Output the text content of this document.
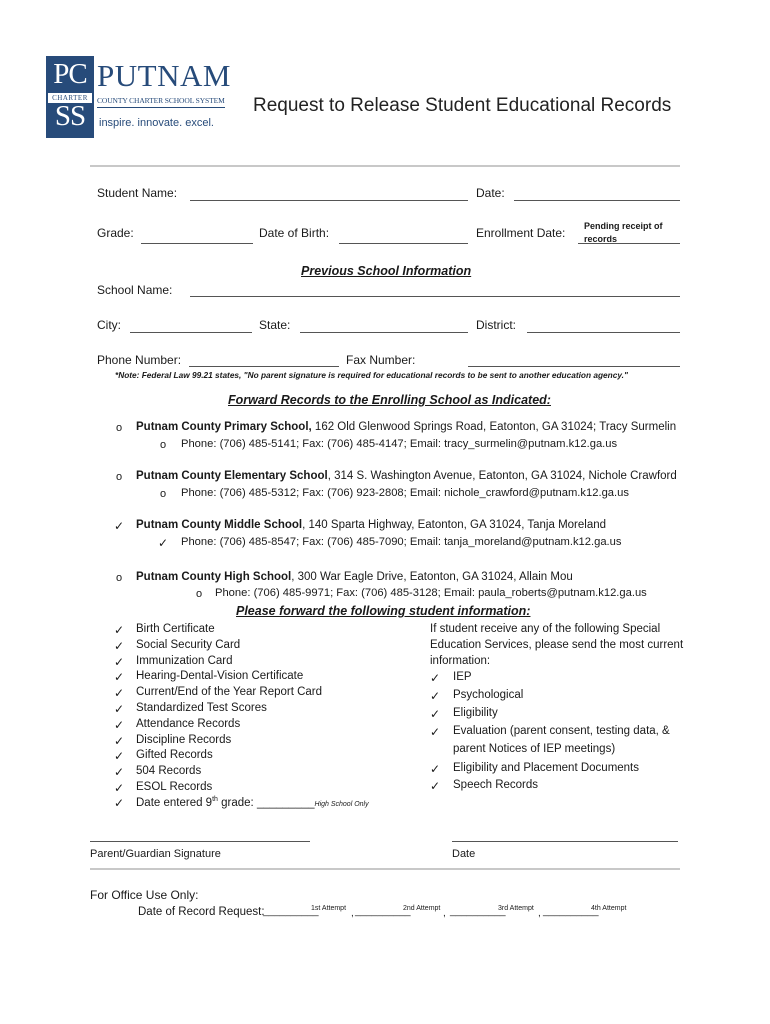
PC
CHARTER
SS
PUTNAM
COUNTY CHARTER SCHOOL SYSTEM
inspire. innovate. excel.
Request to Release Student Educational Records
Student Name:	Date:
Grade:	Date of Birth:	Enrollment Date: Pending receipt of records
Previous School Information
School Name:
City:	State:	District:
Phone Number:	Fax Number:
*Note: Federal Law 99.21 states, "No parent signature is required for educational records to be sent to another education agency."
Forward Records to the Enrolling School as Indicated:
o Putnam County Primary School, 162 Old Glenwood Springs Road, Eatonton, GA 31024; Tracy Surmelin
o Phone: (706) 485-5141; Fax: (706) 485-4147; Email: tracy_surmelin@putnam.k12.ga.us
o Putnam County Elementary School, 314 S. Washington Avenue, Eatonton, GA 31024, Nichole Crawford
o Phone: (706) 485-5312; Fax: (706) 923-2808; Email: nichole_crawford@putnam.k12.ga.us
✓ Putnam County Middle School, 140 Sparta Highway, Eatonton, GA 31024, Tanja Moreland
✓ Phone: (706) 485-8547; Fax: (706) 485-7090; Email: tanja_moreland@putnam.k12.ga.us
o Putnam County High School, 300 War Eagle Drive, Eatonton, GA 31024, Allain Mou
o Phone: (706) 485-9971; Fax: (706) 485-3128; Email: paula_roberts@putnam.k12.ga.us
Please forward the following student information:
✓ Birth Certificate
✓ Social Security Card
✓ Immunization Card
✓ Hearing-Dental-Vision Certificate
✓ Current/End of the Year Report Card
✓ Standardized Test Scores
✓ Attendance Records
✓ Discipline Records
✓ Gifted Records
✓ 504 Records
✓ ESOL Records
✓ Date entered 9th grade: _________High School Only
If student receive any of the following Special
Education Services, please send the most current
information:
✓ IEP
✓ Psychological
✓ Eligibility
✓ Evaluation (parent consent, testing data, &
✓ Eligibility and Placement Documents
✓ Speech Records
parent Notices of IEP meetings)
Parent/Guardian Signature	Date
For Office Use Only:
Date of Record Request:
__________
1st Attempt , __________
2nd Attempt , __________
3rd Attempt , __________
4th Attempt
